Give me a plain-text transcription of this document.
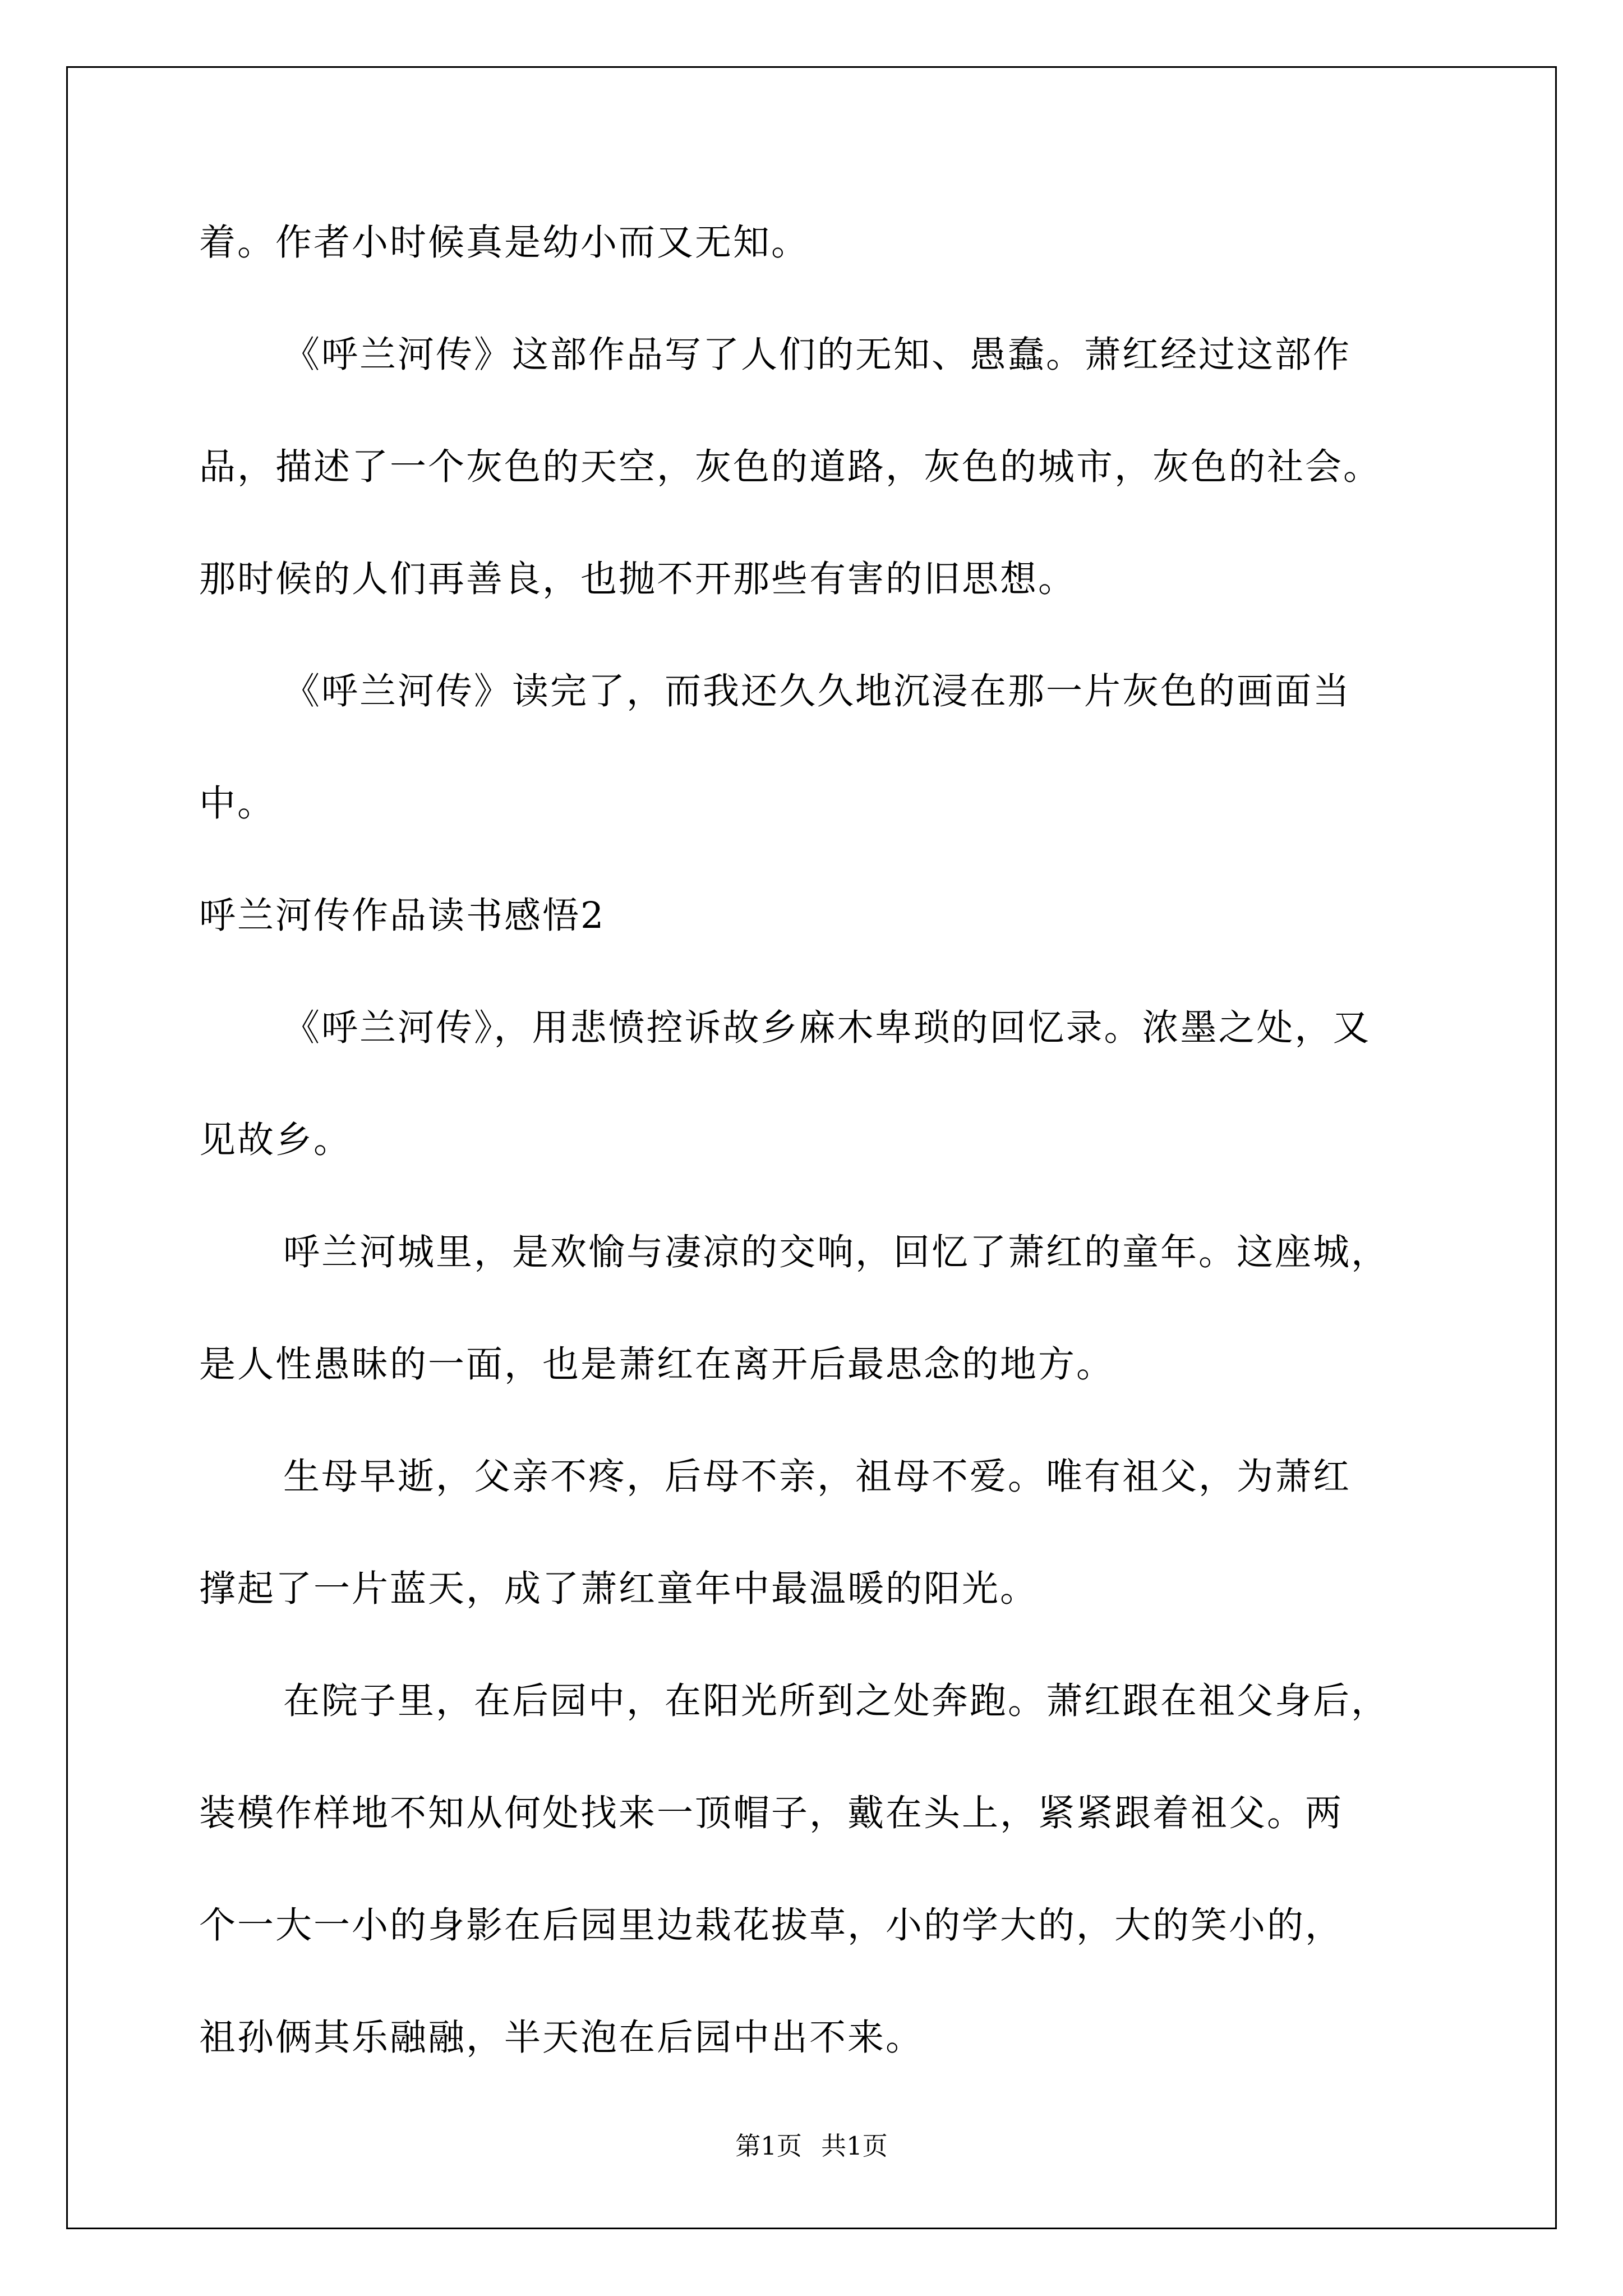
着。作者小时候真是幼小而又无知。

《呼兰河传》这部作品写了人们的无知、愚蠢。萧红经过这部作

品，描述了一个灰色的天空，灰色的道路，灰色的城市，灰色的社会。

那时候的人们再善良，也抛不开那些有害的旧思想。

《呼兰河传》读完了，而我还久久地沉浸在那一片灰色的画面当

中。

呼兰河传作品读书感悟2

《呼兰河传》，用悲愤控诉故乡麻木卑琐的回忆录。浓墨之处，又

见故乡。

呼兰河城里，是欢愉与凄凉的交响，回忆了萧红的童年。这座城，

是人性愚昧的一面，也是萧红在离开后最思念的地方。

生母早逝，父亲不疼，后母不亲，祖母不爱。唯有祖父，为萧红

撑起了一片蓝天，成了萧红童年中最温暖的阳光。

在院子里，在后园中，在阳光所到之处奔跑。萧红跟在祖父身后，

装模作样地不知从何处找来一顶帽子，戴在头上，紧紧跟着祖父。两

个一大一小的身影在后园里边栽花拔草，小的学大的，大的笑小的，

祖孙俩其乐融融，半天泡在后园中出不来。

第1页 共1页
